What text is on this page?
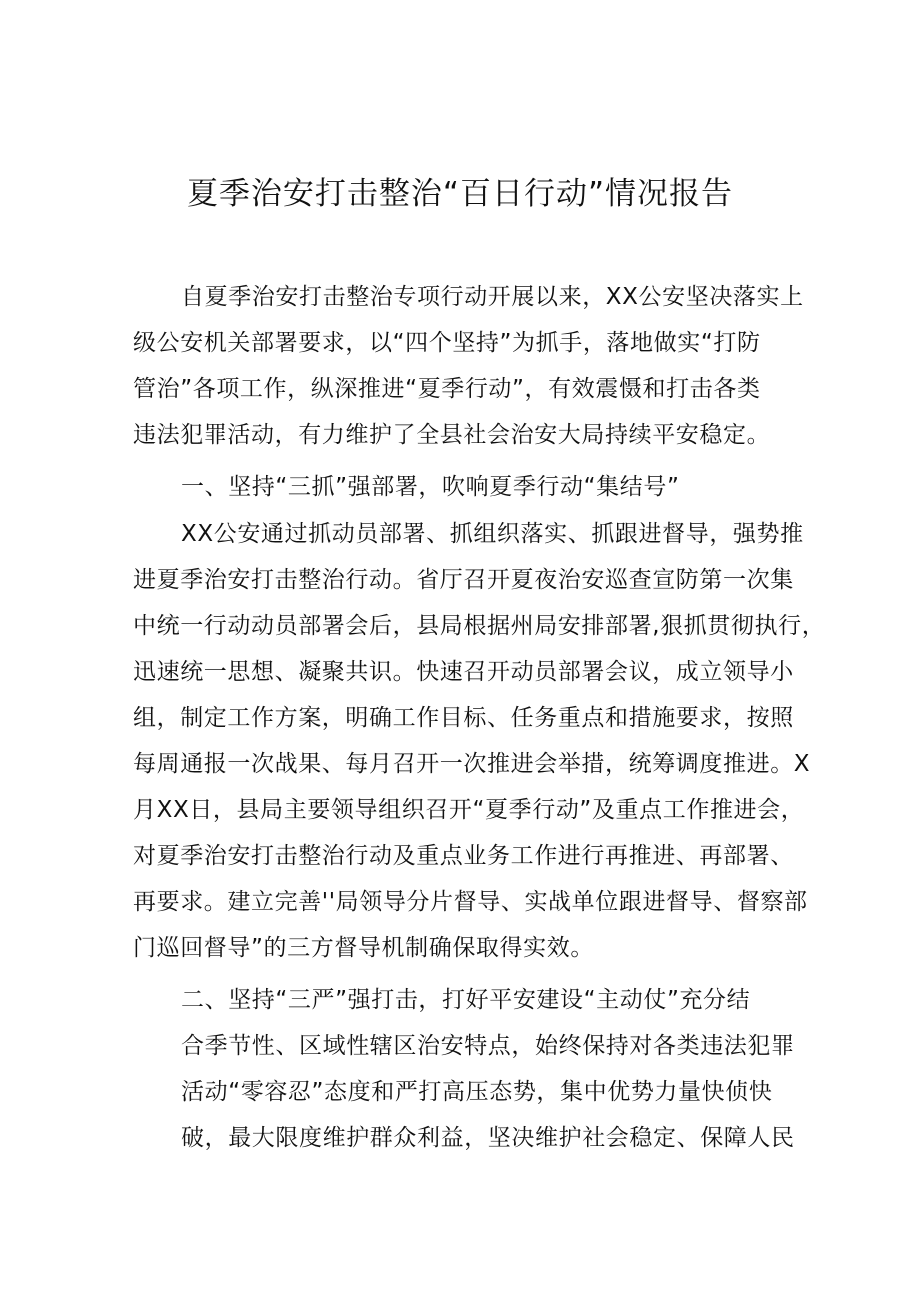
夏季治安打击整治“百日行动”情况报告

自夏季治安打击整治专项行动开展以来，XX公安坚决落实上

级公安机关部署要求，以“四个坚持”为抓手，落地做实“打防

管治”各项工作，纵深推进“夏季行动”，有效震慑和打击各类

违法犯罪活动，有力维护了全县社会治安大局持续平安稳定。

一、坚持“三抓”强部署，吹响夏季行动“集结号”

XX公安通过抓动员部署、抓组织落实、抓跟进督导，强势推

进夏季治安打击整治行动。省厅召开夏夜治安巡查宣防第一次集

中统一行动动员部署会后，县局根据州局安排部署,狠抓贯彻执行，

迅速统一思想、凝聚共识。快速召开动员部署会议，成立领导小

组，制定工作方案，明确工作目标、任务重点和措施要求，按照

每周通报一次战果、每月召开一次推进会举措，统筹调度推进。X

月XX日，县局主要领导组织召开“夏季行动”及重点工作推进会，

对夏季治安打击整治行动及重点业务工作进行再推进、再部署、

再要求。建立完善''局领导分片督导、实战单位跟进督导、督察部

门巡回督导”的三方督导机制确保取得实效。

二、坚持“三严”强打击，打好平安建设“主动仗”充分结

合季节性、区域性辖区治安特点，始终保持对各类违法犯罪

活动“零容忍”态度和严打高压态势，集中优势力量快侦快

破，最大限度维护群众利益，坚决维护社会稳定、保障人民
